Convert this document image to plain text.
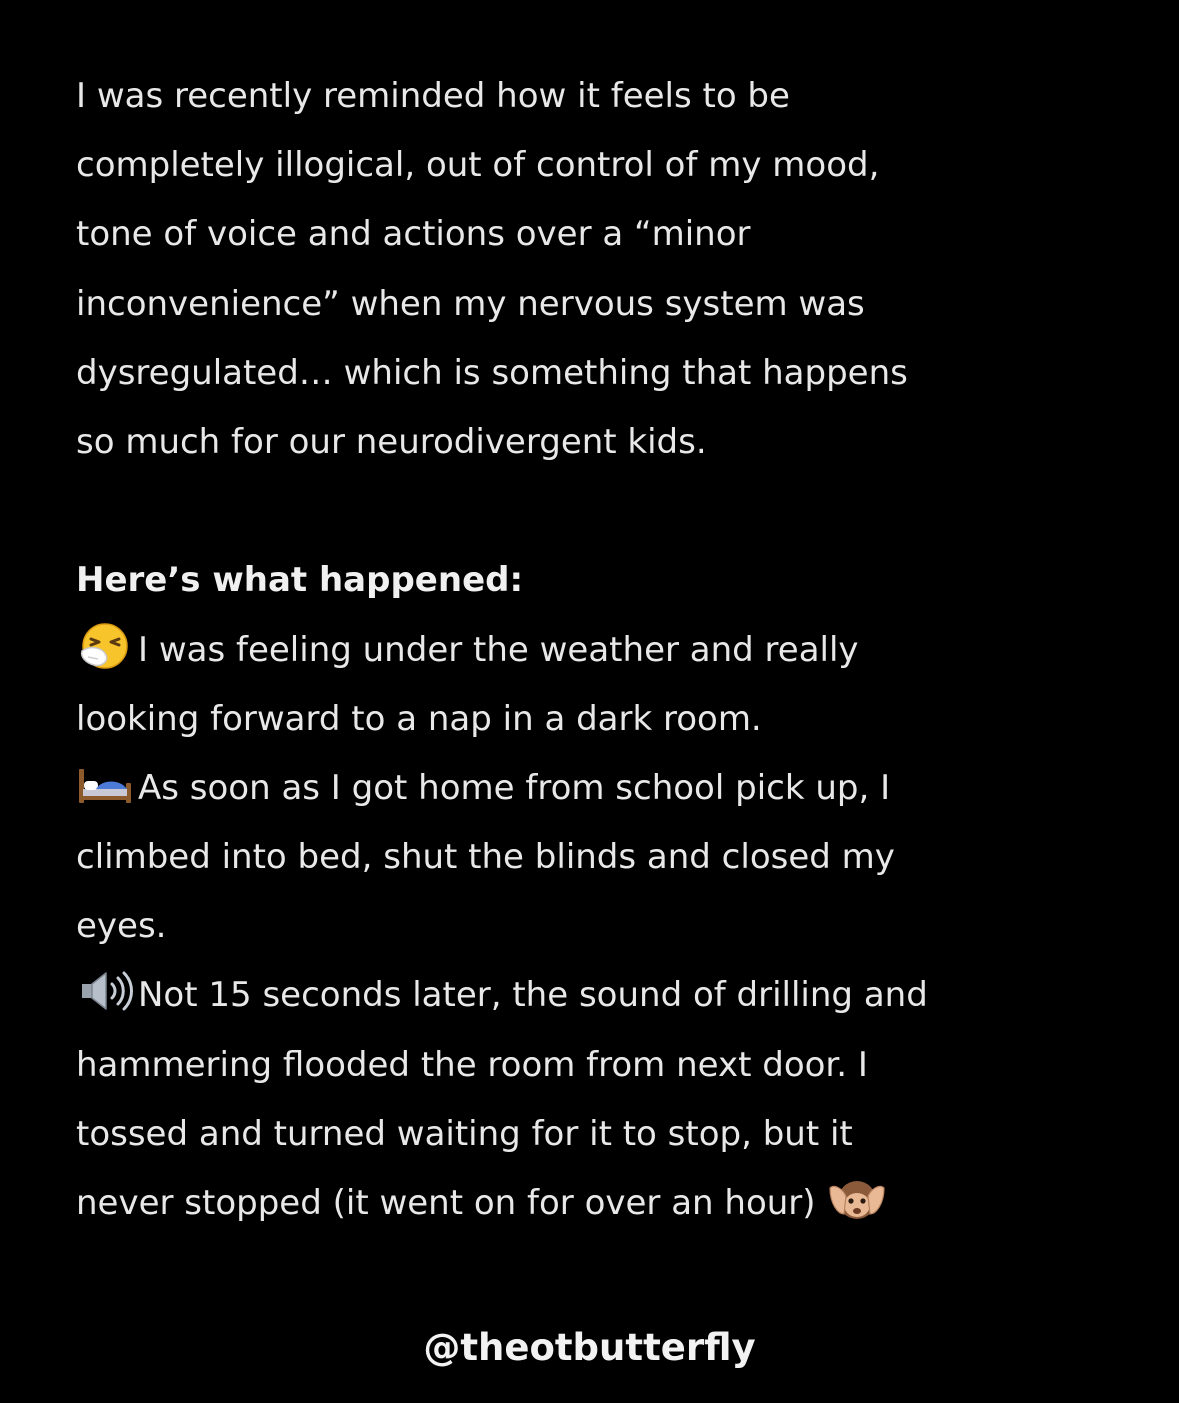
I was recently reminded how it feels to be
completely illogical, out of control of my mood,
tone of voice and actions over a “minor
inconvenience” when my nervous system was
dysregulated… which is something that happens
so much for our neurodivergent kids.
Here’s what happened:
I was feeling under the weather and really
looking forward to a nap in a dark room.
As soon as I got home from school pick up, I
climbed into bed, shut the blinds and closed my
eyes.
Not 15 seconds later, the sound of drilling and
hammering flooded the room from next door. I
tossed and turned waiting for it to stop, but it
never stopped (it went on for over an hour)
@theotbutterfly
